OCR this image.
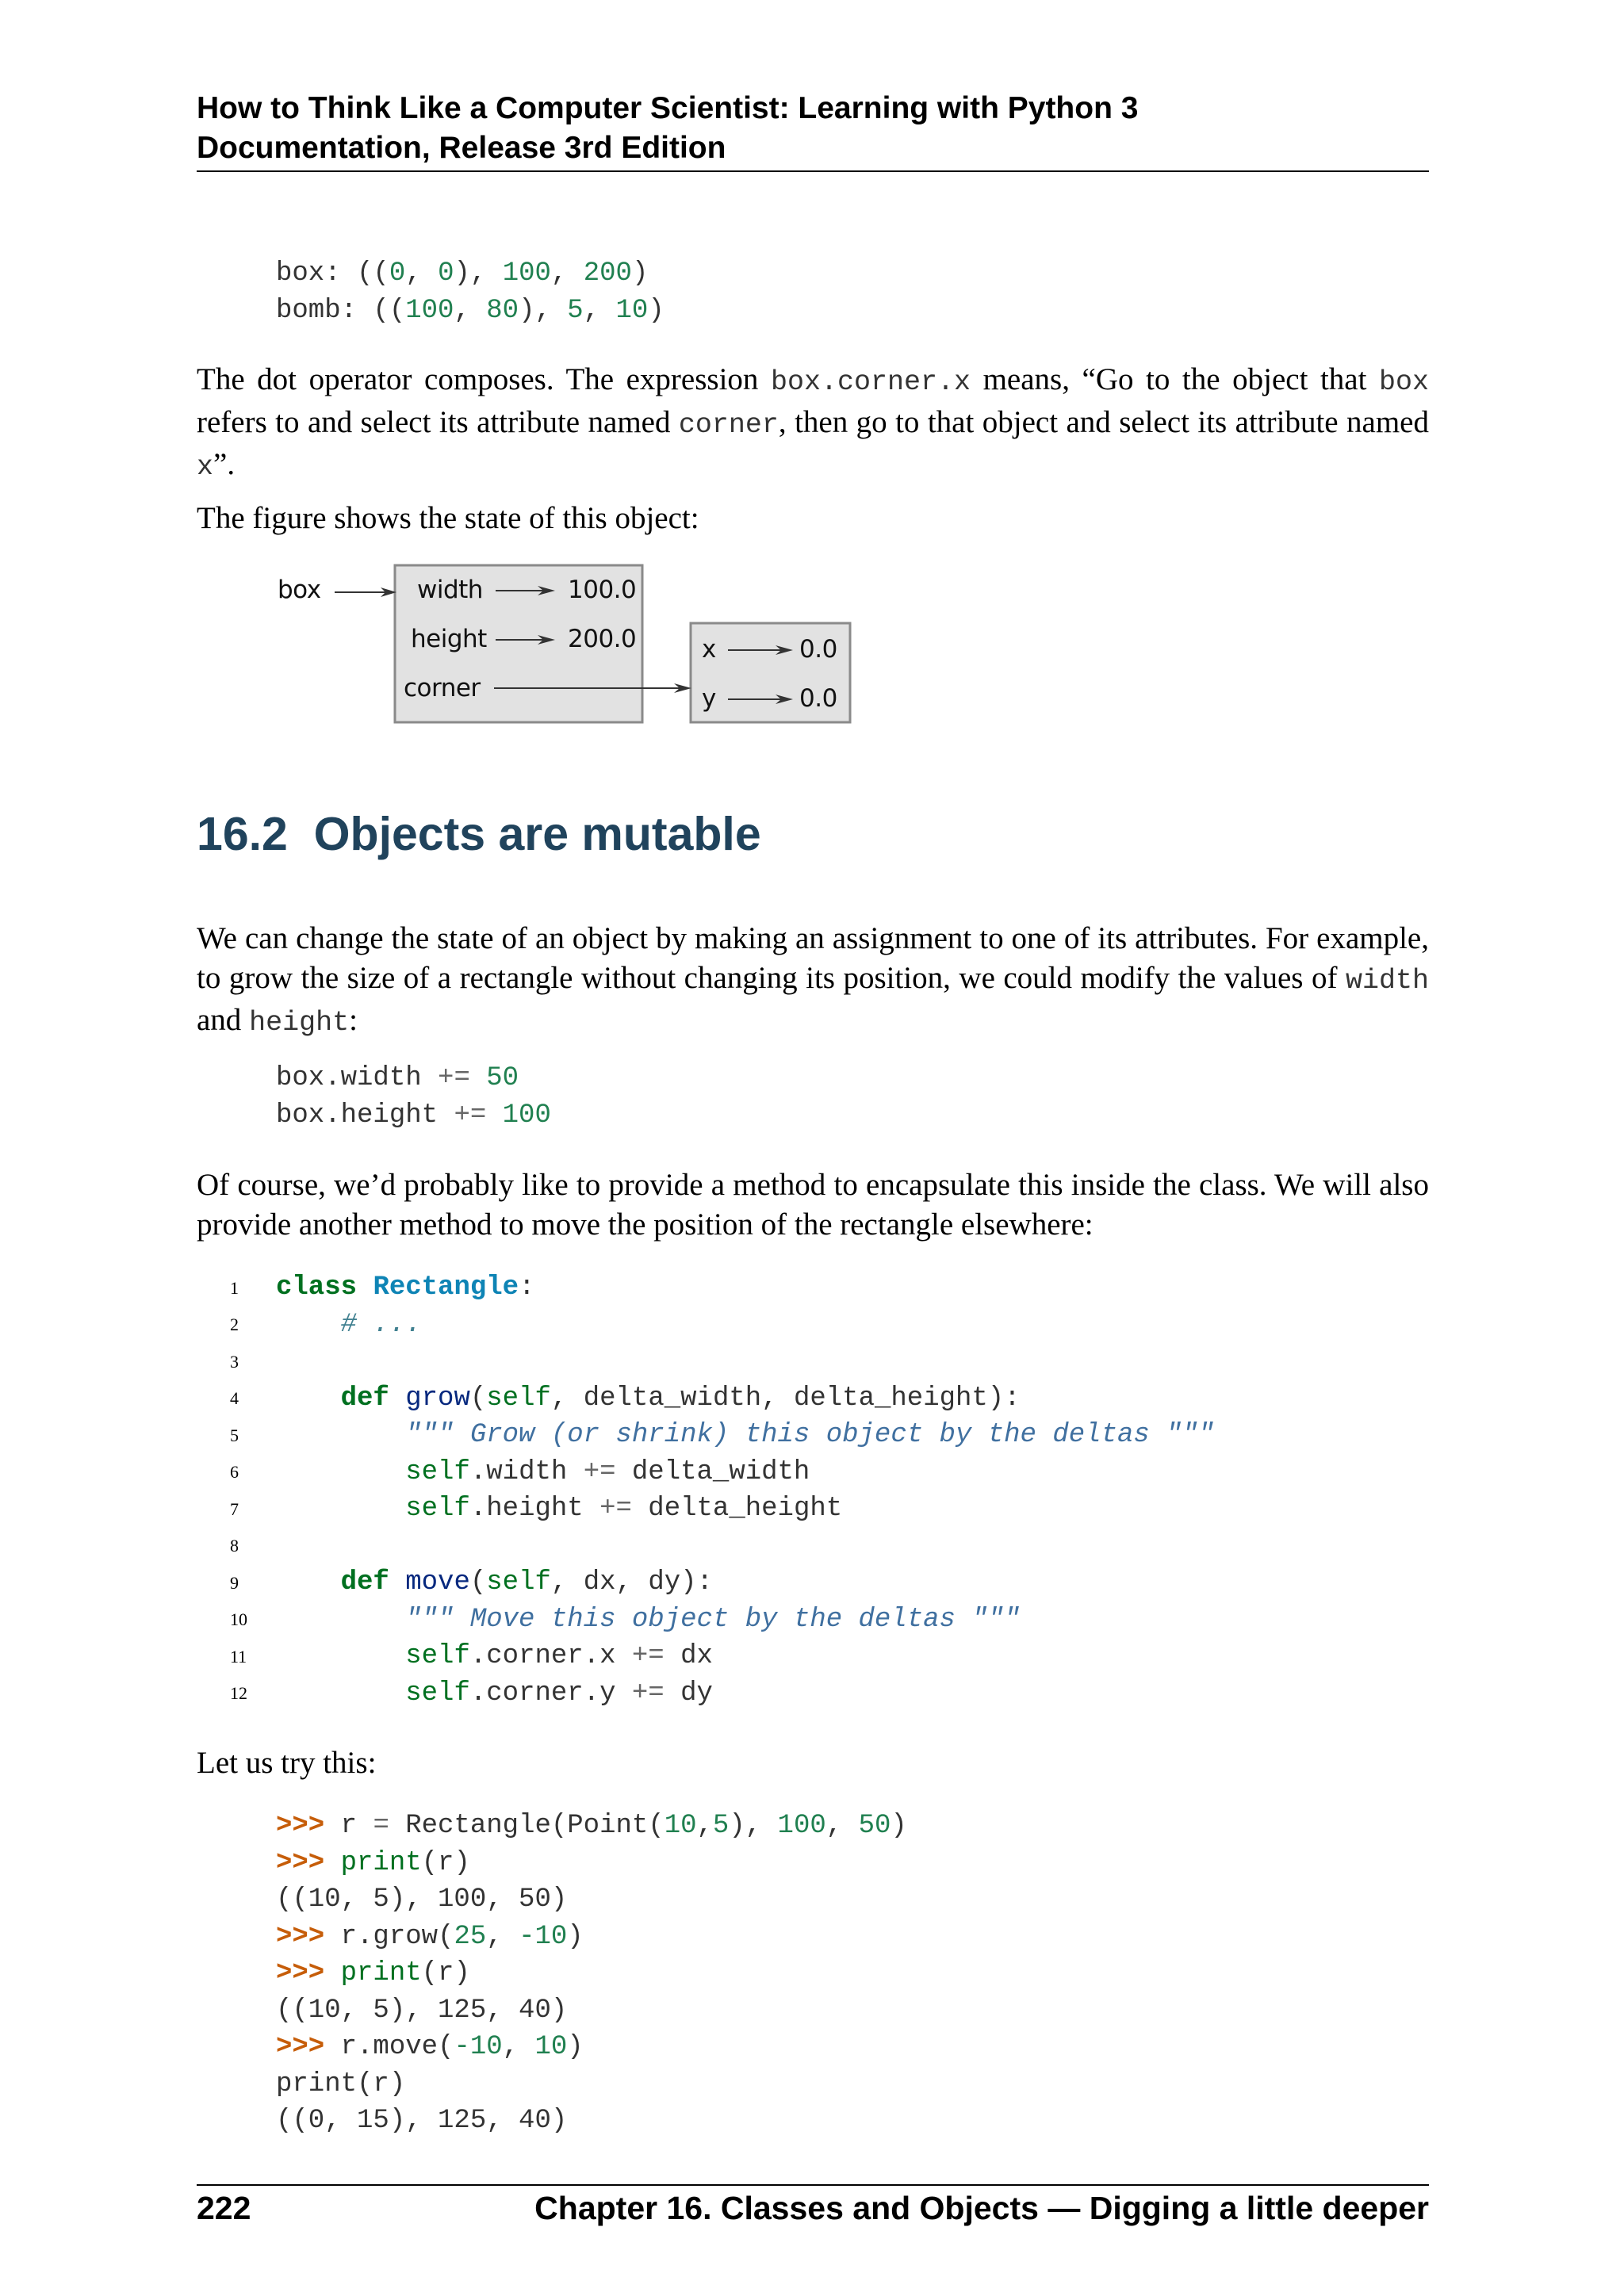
How to Think Like a Computer Scientist: Learning with Python 3
Documentation, Release 3rd Edition
box: ((0, 0), 100, 200)
bomb: ((100, 80), 5, 10)
The dot operator composes. The expression box.corner.x means, “Go to the object that box refers to and select its attribute named corner, then go to that object and select its attribute named x”.
The figure shows the state of this object:
box	width	100.0
height	200.0
corner
x	0.0
y	0.0
16.2 Objects are mutable
We can change the state of an object by making an assignment to one of its attributes. For example, to grow the size of a rectangle without changing its position, we could modify the values of width and height:
box.width += 50
box.height += 100
Of course, we’d probably like to provide a method to encapsulate this inside the class. We will also provide another method to move the position of the rectangle elsewhere:
1
2
3
4
5
6
7
8
9
10
11
12
class Rectangle:
# ...

def grow(self, delta_width, delta_height):
""" Grow (or shrink) this object by the deltas """
self.width += delta_width
self.height += delta_height

def move(self, dx, dy):
""" Move this object by the deltas """
self.corner.x += dx
self.corner.y += dy
Let us try this:
>>> r = Rectangle(Point(10,5), 100, 50)
>>> print(r)
((10, 5), 100, 50)
>>> r.grow(25, -10)
>>> print(r)
((10, 5), 125, 40)
>>> r.move(-10, 10)
print(r)
((0, 15), 125, 40)
222	Chapter 16. Classes and Objects — Digging a little deeper
